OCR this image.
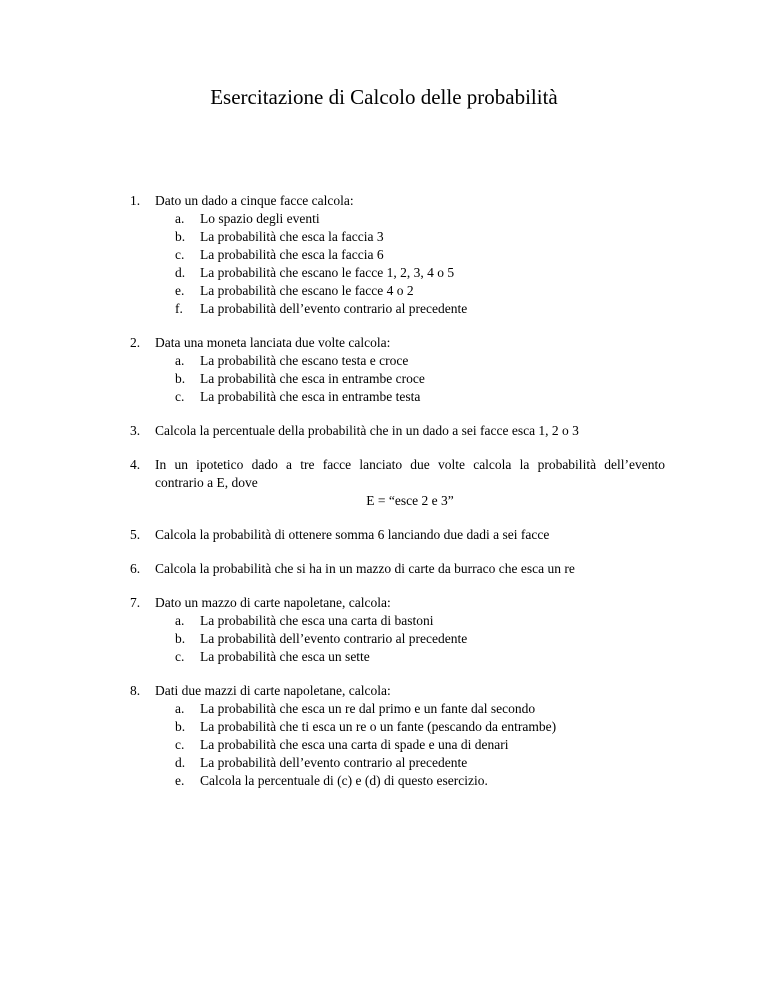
Esercitazione di Calcolo delle probabilità
1. Dato un dado a cinque facce calcola:
a. Lo spazio degli eventi
b. La probabilità che esca la faccia 3
c. La probabilità che esca la faccia 6
d. La probabilità che escano le facce 1, 2, 3, 4 o 5
e. La probabilità che escano le facce 4 o 2
f. La probabilità dell’evento contrario al precedente
2. Data una moneta lanciata due volte calcola:
a. La probabilità che escano testa e croce
b. La probabilità che esca in entrambe croce
c. La probabilità che esca in entrambe testa
3. Calcola la percentuale della probabilità che in un dado a sei facce esca 1, 2 o 3
4. In un ipotetico dado a tre facce lanciato due volte calcola la probabilità dell’evento
contrario a E, dove
E = “esce 2 e 3”
5. Calcola la probabilità di ottenere somma 6 lanciando due dadi a sei facce
6. Calcola la probabilità che si ha in un mazzo di carte da burraco che esca un re
7. Dato un mazzo di carte napoletane, calcola:
a. La probabilità che esca una carta di bastoni
b. La probabilità dell’evento contrario al precedente
c. La probabilità che esca un sette
8. Dati due mazzi di carte napoletane, calcola:
a. La probabilità che esca un re dal primo e un fante dal secondo
b. La probabilità che ti esca un re o un fante (pescando da entrambe)
c. La probabilità che esca una carta di spade e una di denari
d. La probabilità dell’evento contrario al precedente
e. Calcola la percentuale di (c) e (d) di questo esercizio.
